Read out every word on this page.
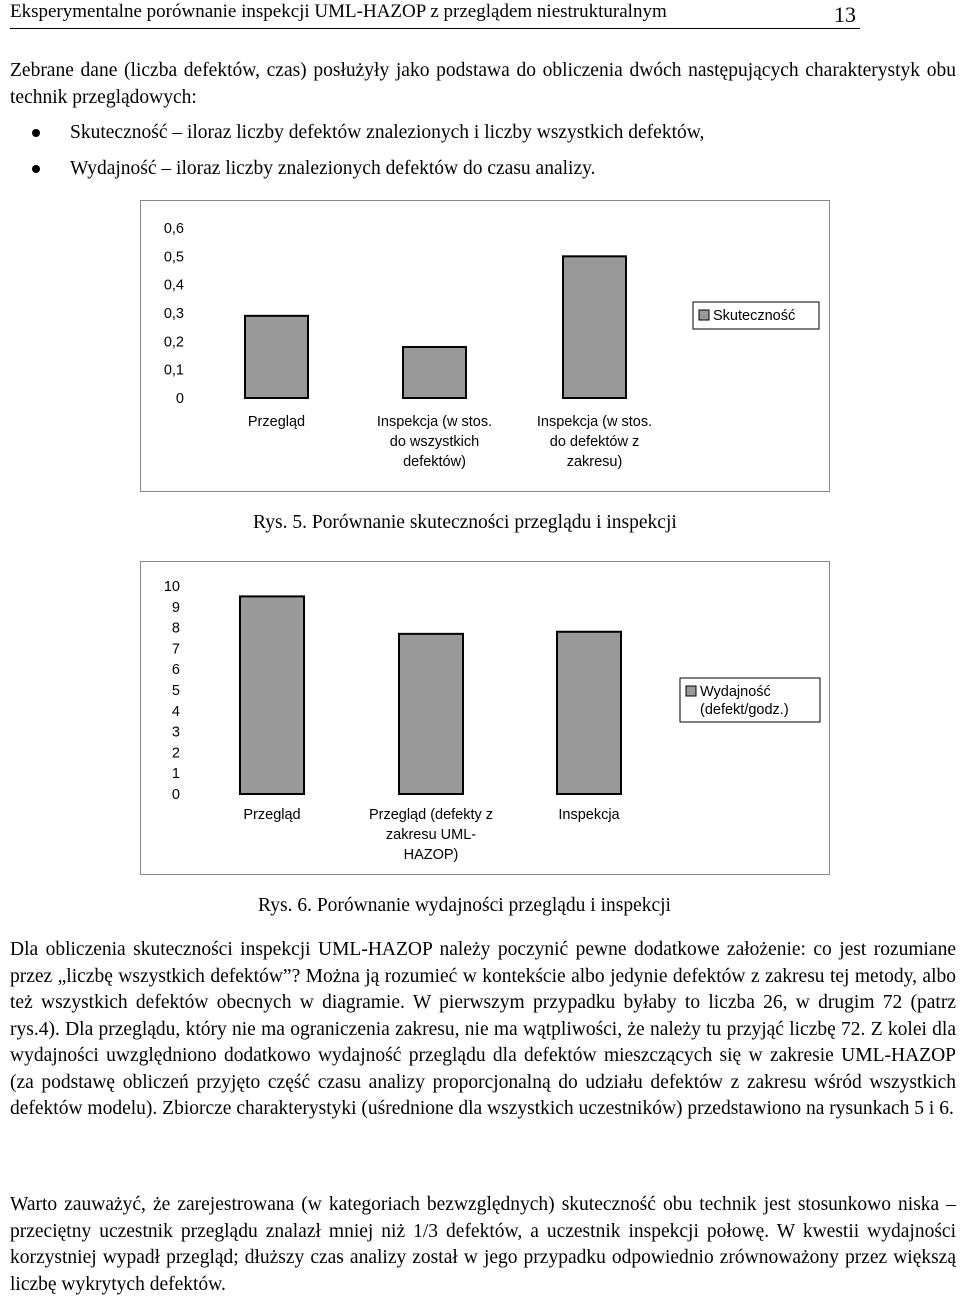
Eksperymentalne porównanie inspekcji UML-HAZOP z przeglądem niestrukturalnym	13

Zebrane dane (liczba defektów, czas) posłużyły jako podstawa do obliczenia dwóch następujących charakterystyk obu technik przeglądowych:

Skuteczność – iloraz liczby defektów znalezionych i liczby wszystkich defektów,
Wydajność – iloraz liczby znalezionych defektów do czasu analizy.
0
0,1
0,2
0,3
0,4
0,5
0,6
Przegląd	Inspekcja (w stos. do wszystkich defektów)
Inspekcja (w stos. do defektów z zakresu)
Skuteczność
Rys. 5. Porównanie skuteczności przeglądu i inspekcji
0
1
2
3
4
5
6
7
8
9
10
Przegląd	Przegląd (defekty z zakresu UML-HAZOP)
Inspekcja
Wydajność
(defekt/godz.)
Rys. 6. Porównanie wydajności przeglądu i inspekcji

Dla obliczenia skuteczności inspekcji UML-HAZOP należy poczynić pewne dodatkowe założenie: co jest rozumiane przez „liczbę wszystkich defektów”? Można ją rozumieć w kontekście albo jedynie defektów z zakresu tej metody, albo też wszystkich defektów obecnych w diagramie. W pierwszym przypadku byłaby to liczba 26, w drugim 72 (patrz rys.4). Dla przeglądu, który nie ma ograniczenia zakresu, nie ma wątpliwości, że należy tu przyjąć liczbę 72. Z kolei dla wydajności uwzględniono dodatkowo wydajność przeglądu dla defektów mieszczących się w zakresie UML-HAZOP (za podstawę obliczeń przyjęto część czasu analizy proporcjonalną do udziału defektów z zakresu wśród wszystkich defektów modelu). Zbiorcze charakterystyki (uśrednione dla wszystkich uczestników) przedstawiono na rysunkach 5 i 6.

Warto zauważyć, że zarejestrowana (w kategoriach bezwzględnych) skuteczność obu technik jest stosunkowo niska – przeciętny uczestnik przeglądu znalazł mniej niż 1/3 defektów, a uczestnik inspekcji połowę. W kwestii wydajności korzystniej wypadł przegląd; dłuższy czas analizy został w jego przypadku odpowiednio zrównoważony przez większą liczbę wykrytych defektów.
